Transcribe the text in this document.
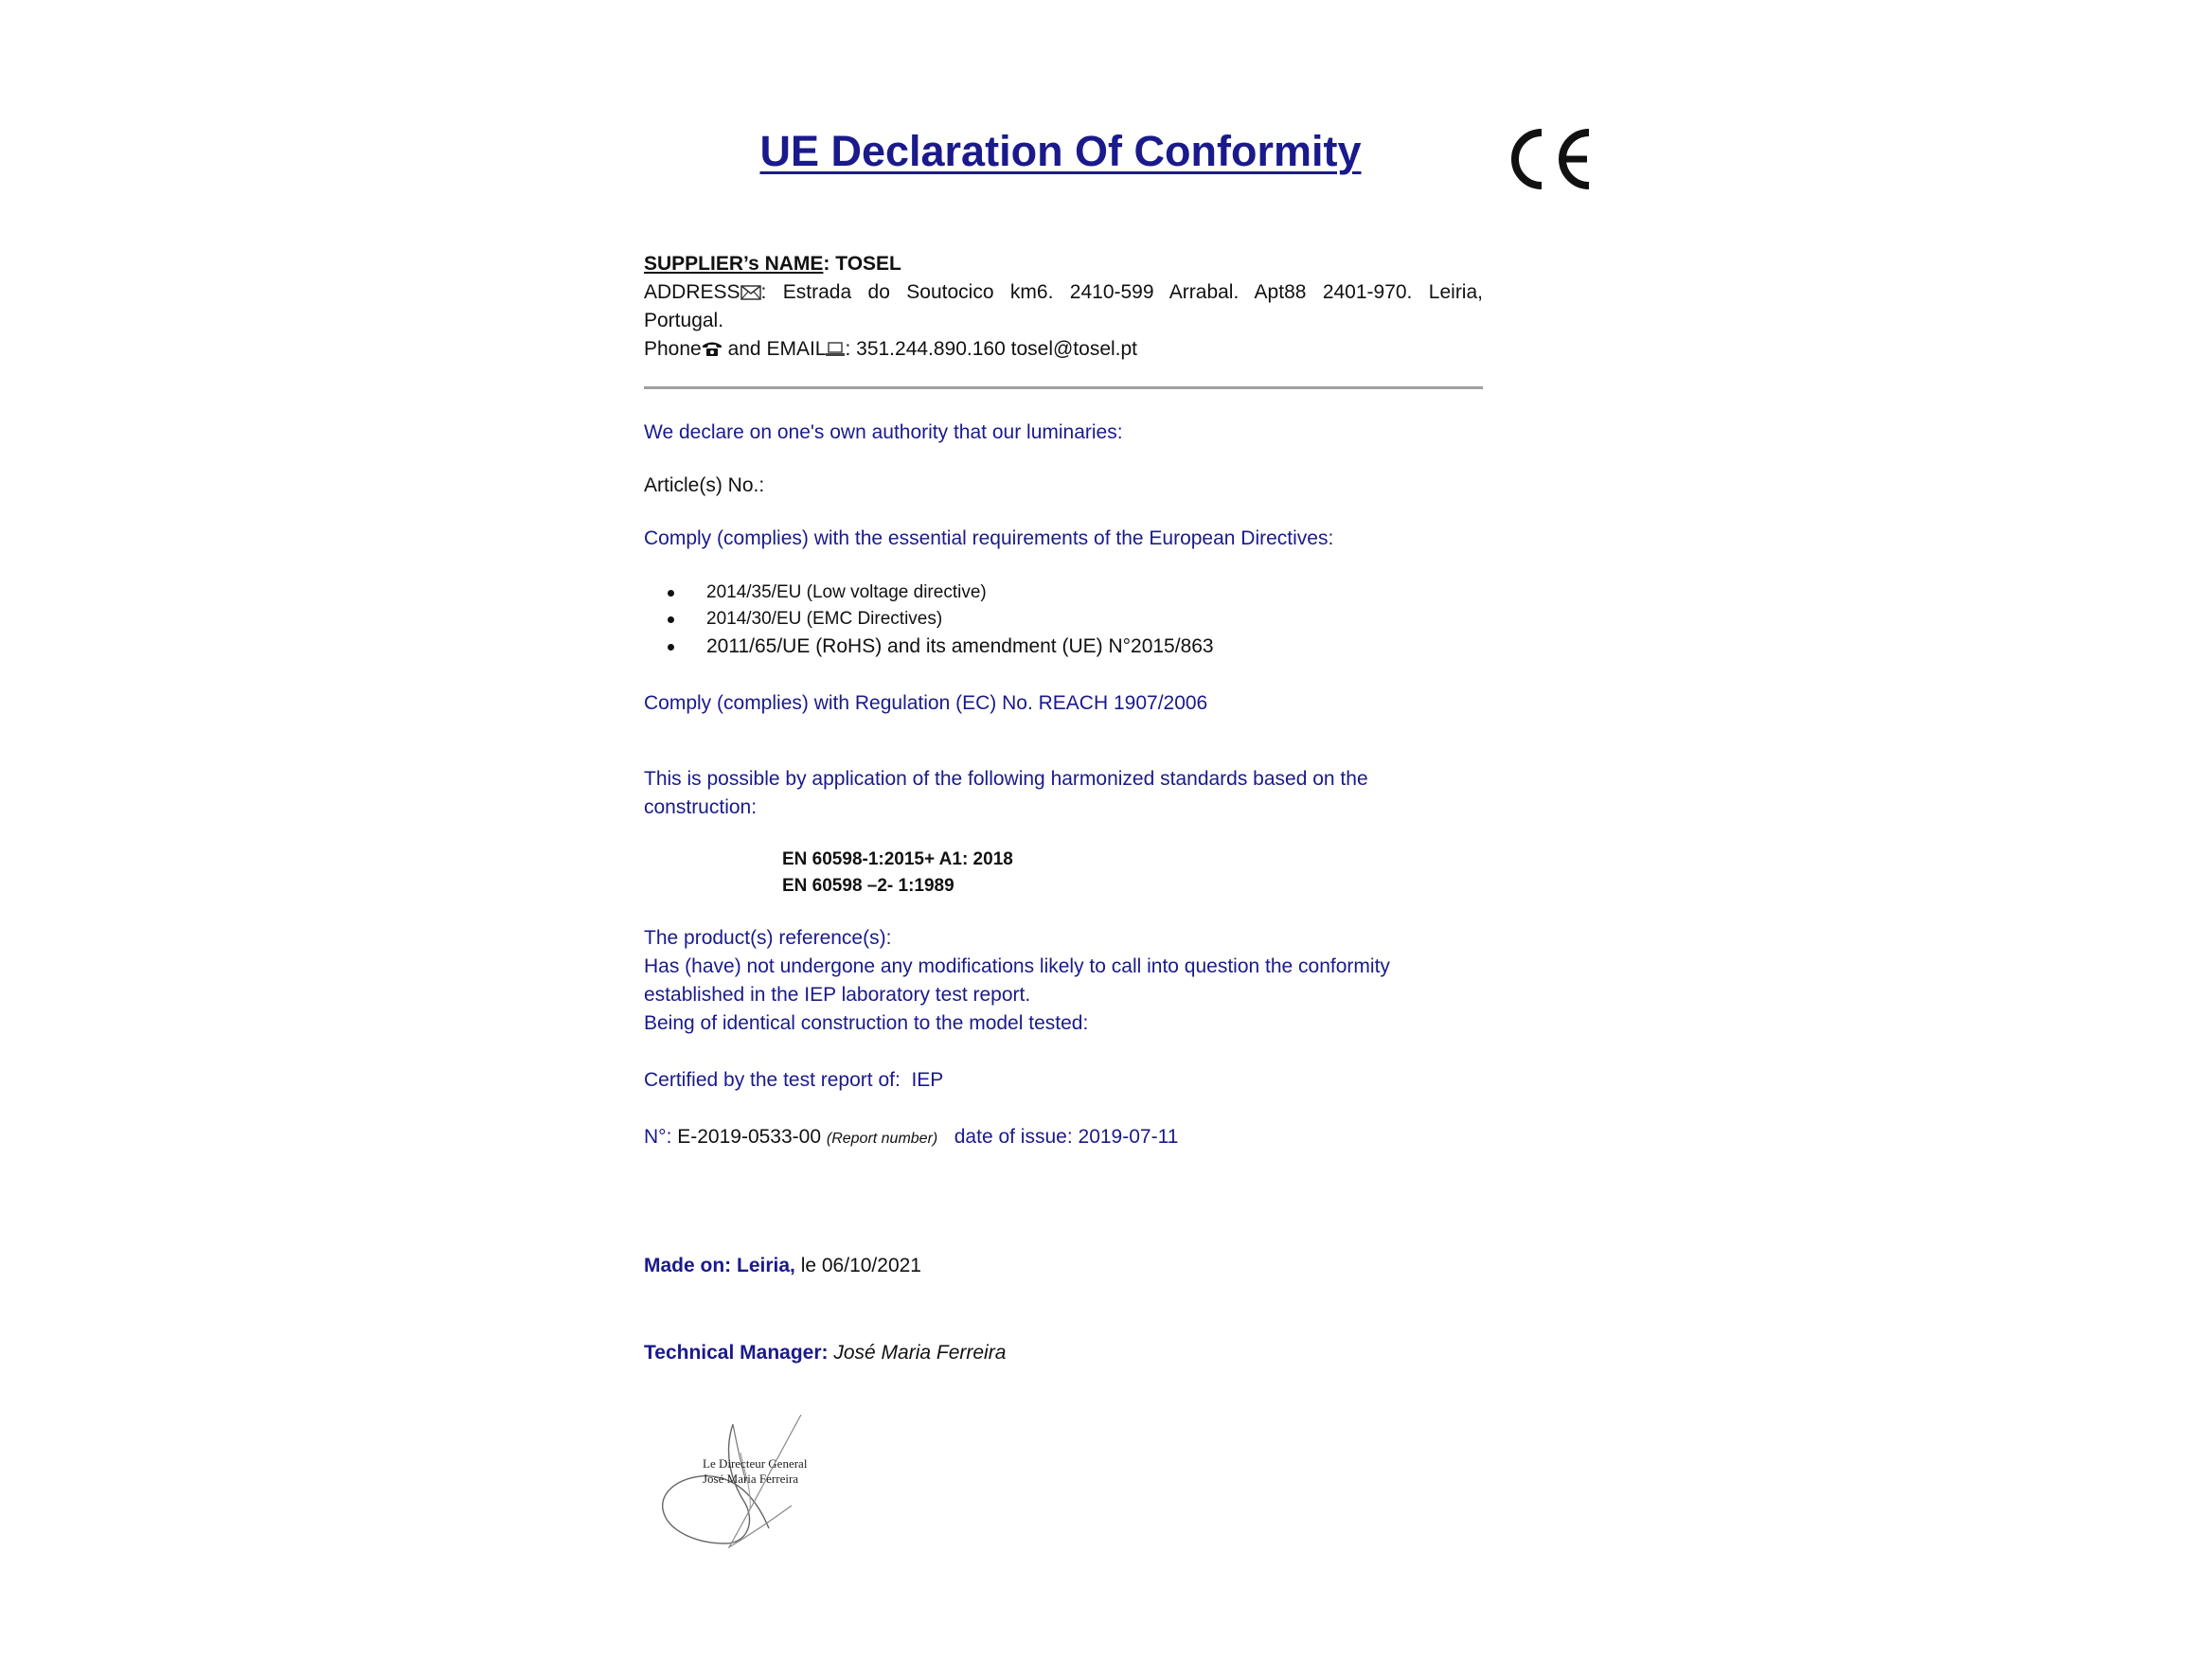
UE Declaration Of Conformity
SUPPLIER’s NAME: TOSEL
ADDRESS : Estrada do Soutocico km6. 2410-599 Arrabal. Apt88 2401-970. Leiria,
Portugal.
Phone and EMAIL : 351.244.890.160 tosel@tosel.pt
We declare on one's own authority that our luminaries:
Article(s) No.:
Comply (complies) with the essential requirements of the European Directives:
2014/35/EU (Low voltage directive)
2014/30/EU (EMC Directives)
2011/65/UE (RoHS) and its amendment (UE) N°2015/863
Comply (complies) with Regulation (EC) No. REACH 1907/2006
This is possible by application of the following harmonized standards based on the
construction:
EN 60598-1:2015+ A1: 2018
EN 60598 –2- 1:1989
The product(s) reference(s):
Has (have) not undergone any modifications likely to call into question the conformity
established in the IEP laboratory test report.
Being of identical construction to the model tested:
Certified by the test report of: IEP
N°: E-2019-0533-00 (Report number) date of issue: 2019-07-11
Made on: Leiria, le 06/10/2021
Technical Manager: José Maria Ferreira
Le Directeur General
José Maria Ferreira
